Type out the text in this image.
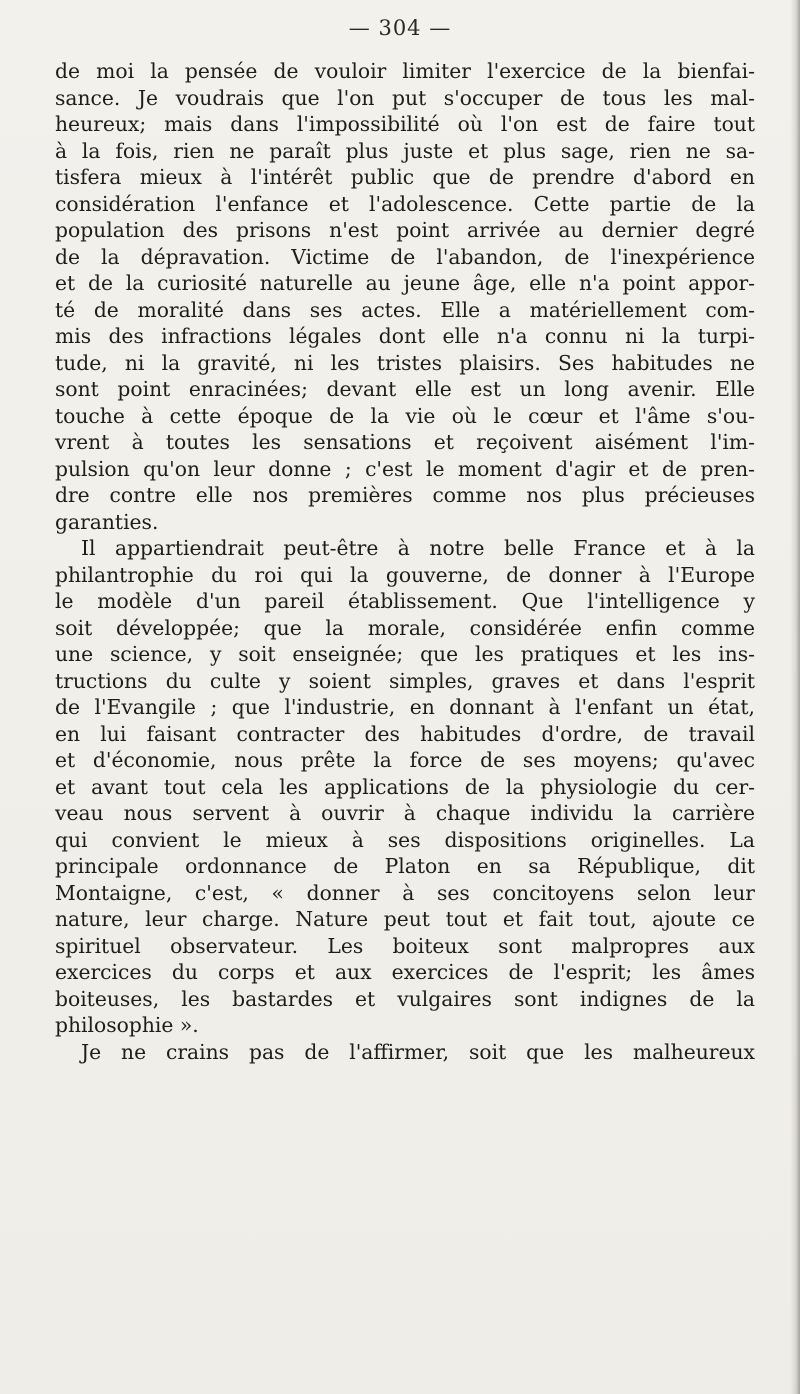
— 304 —
de moi la pensée de vouloir limiter l'exercice de la bienfai-
sance. Je voudrais que l'on put s'occuper de tous les mal-
heureux; mais dans l'impossibilité où l'on est de faire tout
à la fois, rien ne paraît plus juste et plus sage, rien ne sa-
tisfera mieux à l'intérêt public que de prendre d'abord en
considération l'enfance et l'adolescence. Cette partie de la
population des prisons n'est point arrivée au dernier degré
de la dépravation. Victime de l'abandon, de l'inexpérience
et de la curiosité naturelle au jeune âge, elle n'a point appor-
té de moralité dans ses actes. Elle a matériellement com-
mis des infractions légales dont elle n'a connu ni la turpi-
tude, ni la gravité, ni les tristes plaisirs. Ses habitudes ne
sont point enracinées; devant elle est un long avenir. Elle
touche à cette époque de la vie où le cœur et l'âme s'ou-
vrent à toutes les sensations et reçoivent aisément l'im-
pulsion qu'on leur donne ; c'est le moment d'agir et de pren-
dre contre elle nos premières comme nos plus précieuses
garanties.
Il appartiendrait peut-être à notre belle France et à la
philantrophie du roi qui la gouverne, de donner à l'Europe
le modèle d'un pareil établissement. Que l'intelligence y
soit développée; que la morale, considérée enfin comme
une science, y soit enseignée; que les pratiques et les ins-
tructions du culte y soient simples, graves et dans l'esprit
de l'Evangile ; que l'industrie, en donnant à l'enfant un état,
en lui faisant contracter des habitudes d'ordre, de travail
et d'économie, nous prête la force de ses moyens; qu'avec
et avant tout cela les applications de la physiologie du cer-
veau nous servent à ouvrir à chaque individu la carrière
qui convient le mieux à ses dispositions originelles. La
principale ordonnance de Platon en sa République, dit
Montaigne, c'est, « donner à ses concitoyens selon leur
nature, leur charge. Nature peut tout et fait tout, ajoute ce
spirituel observateur. Les boiteux sont malpropres aux
exercices du corps et aux exercices de l'esprit; les âmes
boiteuses, les bastardes et vulgaires sont indignes de la
philosophie ».
Je ne crains pas de l'affirmer, soit que les malheureux
